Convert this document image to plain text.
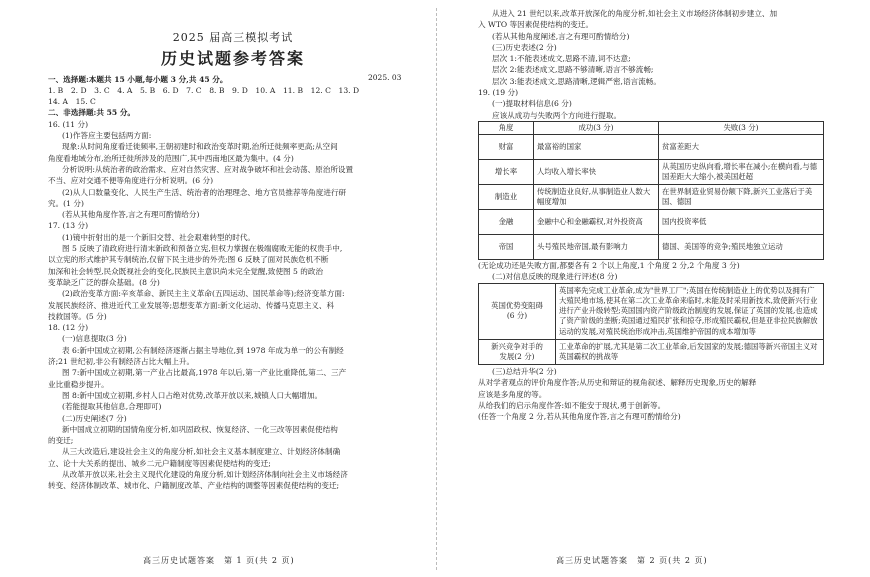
2025 届高三模拟考试
历史试题参考答案
2025. 03
一、选择题:本题共 15 小题,每小题 3 分,共 45 分。
1. B　2. D　3. C　4. A　5. B　6. D　7. C　8. B　9. D　10. A　11. B　12. C　13. D
14. A　15. C
二、非选择题:共 55 分。
16. (11 分)
(1)作答应主要包括两方面:
现象:从时间角度看迁徙频率,王朝初建时和政治变革时期,治所迁徙频率更高;从空间
角度看地域分布,治所迁徙所涉及的范围广,其中西南地区最为集中。(4 分)
分析说明:从统治者的政治需求、应对自然灾害、应对战争破坏和社会动荡、原治所设置
不当、应对交通不便等角度进行分析说明。(6 分)
(2)从人口数量变化、人民生产生活、统治者的治理理念、地方官员推荐等角度进行研
究。(1 分)
(若从其他角度作答,言之有理可酌情给分)
17. (13 分)
(1)镜中折射出的是一个新旧交替、社会艰难转型的时代。
图 5 反映了清政府进行清末新政和预备立宪,但权力掌握在极端腐败无能的权贵手中,
以立宪的形式维护其专制统治,仅留下民主进步的外壳;图 6 反映了面对民族危机不断
加深和社会转型,民众既视社会的变化,民族民主意识尚未完全觉醒,致使图 5 的政治
变革缺乏广泛的群众基础。(8 分)
(2)政治变革方面:辛亥革命、新民主主义革命(五四运动、国民革命等);经济变革方面:
发展民族经济、推进近代工业发展等;思想变革方面:新文化运动、传播马克思主义、科
技救国等。(5 分)
18. (12 分)
(一)信息提取(3 分)
表 6:新中国成立初期,公有制经济逐渐占据主导地位,到 1978 年成为单一的公有制经
济;21 世纪初,非公有制经济占比大幅上升。
图 7:新中国成立初期,第一产业占比最高,1978 年以后,第一产业比重降低,第二、三产
业比重稳步提升。
图 8:新中国成立初期,乡村人口占绝对优势,改革开放以来,城镇人口大幅增加。
(若能提取其他信息,合理即可)
(二)历史阐述(7 分)
新中国成立初期的国情角度分析,如巩固政权、恢复经济、一化三改等因素促使结构
的变迁;
从三大改造后,建设社会主义的角度分析,如社会主义基本制度建立、计划经济体制确
立、论十大关系的提出、城乡二元户籍制度等因素促使结构的变迁;
从改革开放以来,社会主义现代化建设的角度分析,如计划经济体制向社会主义市场经济
转变、经济体制改革、城市化、户籍制度改革、产业结构的调整等因素促使结构的变迁;
高三历史试题答案　第 1 页(共 2 页)
从进入 21 世纪以来,改革开放深化的角度分析,如社会主义市场经济体制初步建立、加
入 WTO 等因素促使结构的变迁。
(若从其他角度阐述,言之有理可酌情给分)
(三)历史表述(2 分)
层次 1:不能表述成文,思路不清,词不达意;
层次 2:能表述成文,思路不够清晰,语言不够流畅;
层次 3:能表述成文,思路清晰,逻辑严密,语言流畅。
19. (19 分)
(一)提取材料信息(6 分)
应该从成功与失败两个方向进行提取。
角度	成功(3 分)	失败(3 分)
财富	最富裕的国家	贫富差距大
增长率	人均收入增长率快	从英国历史纵向看,增长率在减小;在横向看,与德国差距大大缩小,被美国赶超
制造业	传统制造业良好,从事制造业人数大幅度增加	在世界制造业贸易份额下降,新兴工业落后于美国、德国
金融	金融中心和金融霸权,对外投资高	国内投资率低
帝国	头号殖民地帝国,最有影响力	德国、美国等的竞争;殖民地独立运动
(无论成功还是失败方面,都要各有 2 个以上角度,1 个角度 2 分,2 个角度 3 分)
(二)对信息反映的现象进行评述(8 分)
英国优势变阻碍
(6 分)	英国率先完成工业革命,成为"世界工厂";英国在传统制造业上的优势以及拥有广大殖民地市场,使其在第二次工业革命来临时,未能及时采用新技术,致使新兴行业进行产业升级转型;英国国内资产阶级政治制度的发展,保证了英国的发展,也造成了资产阶级的垄断;英国通过殖民扩张和掠夺,形成殖民霸权,但是亚非拉民族解放运动的发展,对殖民统治形成冲击,英国维护帝国的成本增加等
新兴竞争对手的
发展(2 分)	工业革命的扩展,尤其是第二次工业革命,后发国家的发展;德国等新兴帝国主义对英国霸权的挑战等
(三)总结升华(2 分)
从对学者观点的评价角度作答;从历史和辩证的视角叙述、解释历史现象,历史的解释
应该是多角度的等。
从给我们的启示角度作答:如不能安于现状,勇于创新等。
(任答一个角度 2 分,若从其他角度作答,言之有理可酌情给分)
高三历史试题答案　第 2 页(共 2 页)
